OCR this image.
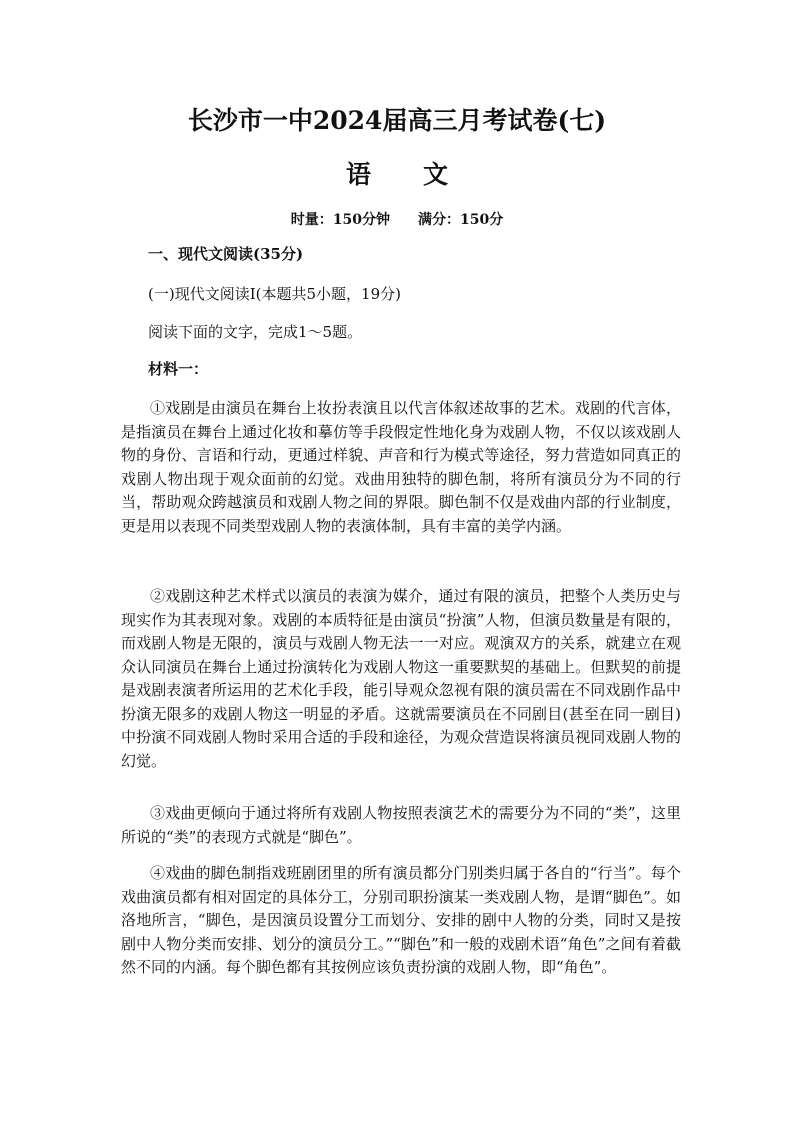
长沙市一中2024届高三月考试卷(七)
语 文
时量：150分钟 满分：150分
一、现代文阅读(35分)
(一)现代文阅读Ⅰ(本题共5小题，19分)
阅读下面的文字，完成1～5题。
材料一：
①戏剧是由演员在舞台上妆扮表演且以代言体叙述故事的艺术。戏剧的代言体，是指演员在舞台上通过化妆和摹仿等手段假定性地化身为戏剧人物，不仅以该戏剧人物的身份、言语和行动，更通过样貌、声音和行为模式等途径，努力营造如同真正的戏剧人物出现于观众面前的幻觉。戏曲用独特的脚色制，将所有演员分为不同的行当，帮助观众跨越演员和戏剧人物之间的界限。脚色制不仅是戏曲内部的行业制度，更是用以表现不同类型戏剧人物的表演体制，具有丰富的美学内涵。
②戏剧这种艺术样式以演员的表演为媒介，通过有限的演员，把整个人类历史与现实作为其表现对象。戏剧的本质特征是由演员“扮演”人物，但演员数量是有限的，而戏剧人物是无限的，演员与戏剧人物无法一一对应。观演双方的关系，就建立在观众认同演员在舞台上通过扮演转化为戏剧人物这一重要默契的基础上。但默契的前提是戏剧表演者所运用的艺术化手段，能引导观众忽视有限的演员需在不同戏剧作品中扮演无限多的戏剧人物这一明显的矛盾。这就需要演员在不同剧目(甚至在同一剧目)中扮演不同戏剧人物时采用合适的手段和途径，为观众营造误将演员视同戏剧人物的幻觉。
③戏曲更倾向于通过将所有戏剧人物按照表演艺术的需要分为不同的“类”，这里所说的“类”的表现方式就是“脚色”。
④戏曲的脚色制指戏班剧团里的所有演员都分门别类归属于各自的“行当”。每个戏曲演员都有相对固定的具体分工，分别司职扮演某一类戏剧人物，是谓“脚色”。如洛地所言，“脚色，是因演员设置分工而划分、安排的剧中人物的分类，同时又是按剧中人物分类而安排、划分的演员分工。”“脚色”和一般的戏剧术语“角色”之间有着截然不同的内涵。每个脚色都有其按例应该负责扮演的戏剧人物，即“角色”。
